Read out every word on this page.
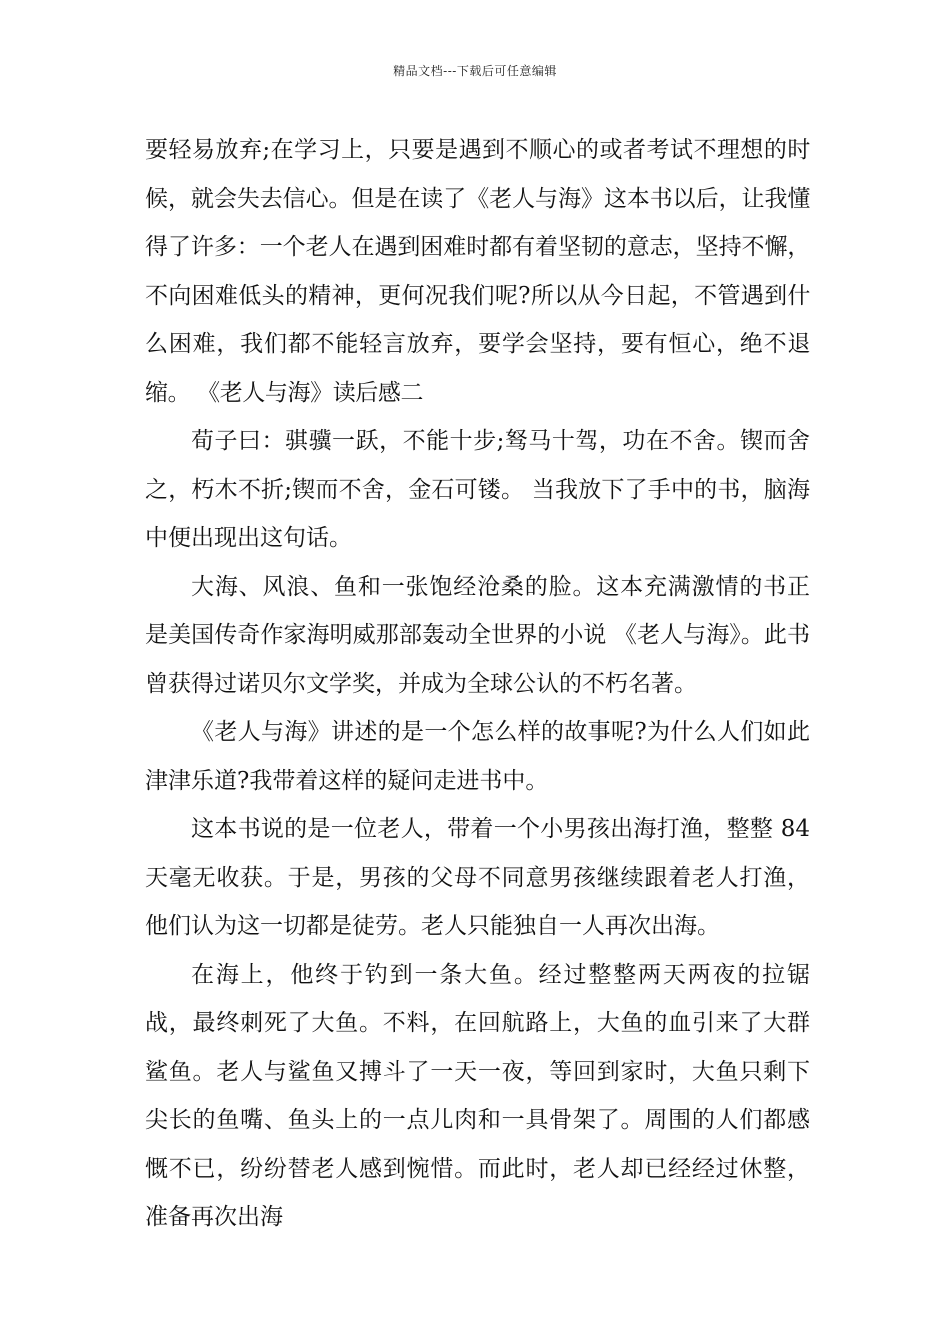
精品文档---下载后可任意编辑

要轻易放弃;在学习上，只要是遇到不顺心的或者考试不理想的时候，就会失去信心。但是在读了《老人与海》这本书以后，让我懂得了许多：一个老人在遇到困难时都有着坚韧的意志，坚持不懈，不向困难低头的精神，更何况我们呢?所以从今日起，不管遇到什么困难，我们都不能轻言放弃，要学会坚持，要有恒心，绝不退缩。 《老人与海》读后感二

荀子曰：骐骥一跃，不能十步;驽马十驾，功在不舍。锲而舍之，朽木不折;锲而不舍，金石可镂。 当我放下了手中的书，脑海中便出现出这句话。

大海、风浪、鱼和一张饱经沧桑的脸。这本充满激情的书正是美国传奇作家海明威那部轰动全世界的小说 《老人与海》。此书曾获得过诺贝尔文学奖，并成为全球公认的不朽名著。

《老人与海》讲述的是一个怎么样的故事呢?为什么人们如此津津乐道?我带着这样的疑问走进书中。

这本书说的是一位老人，带着一个小男孩出海打渔，整整 84 天毫无收获。于是，男孩的父母不同意男孩继续跟着老人打渔，他们认为这一切都是徒劳。老人只能独自一人再次出海。

在海上，他终于钓到一条大鱼。经过整整两天两夜的拉锯战，最终刺死了大鱼。不料，在回航路上，大鱼的血引来了大群鲨鱼。老人与鲨鱼又搏斗了一天一夜，等回到家时，大鱼只剩下尖长的鱼嘴、鱼头上的一点儿肉和一具骨架了。周围的人们都感慨不已，纷纷替老人感到惋惜。而此时，老人却已经经过休整，准备再次出海
